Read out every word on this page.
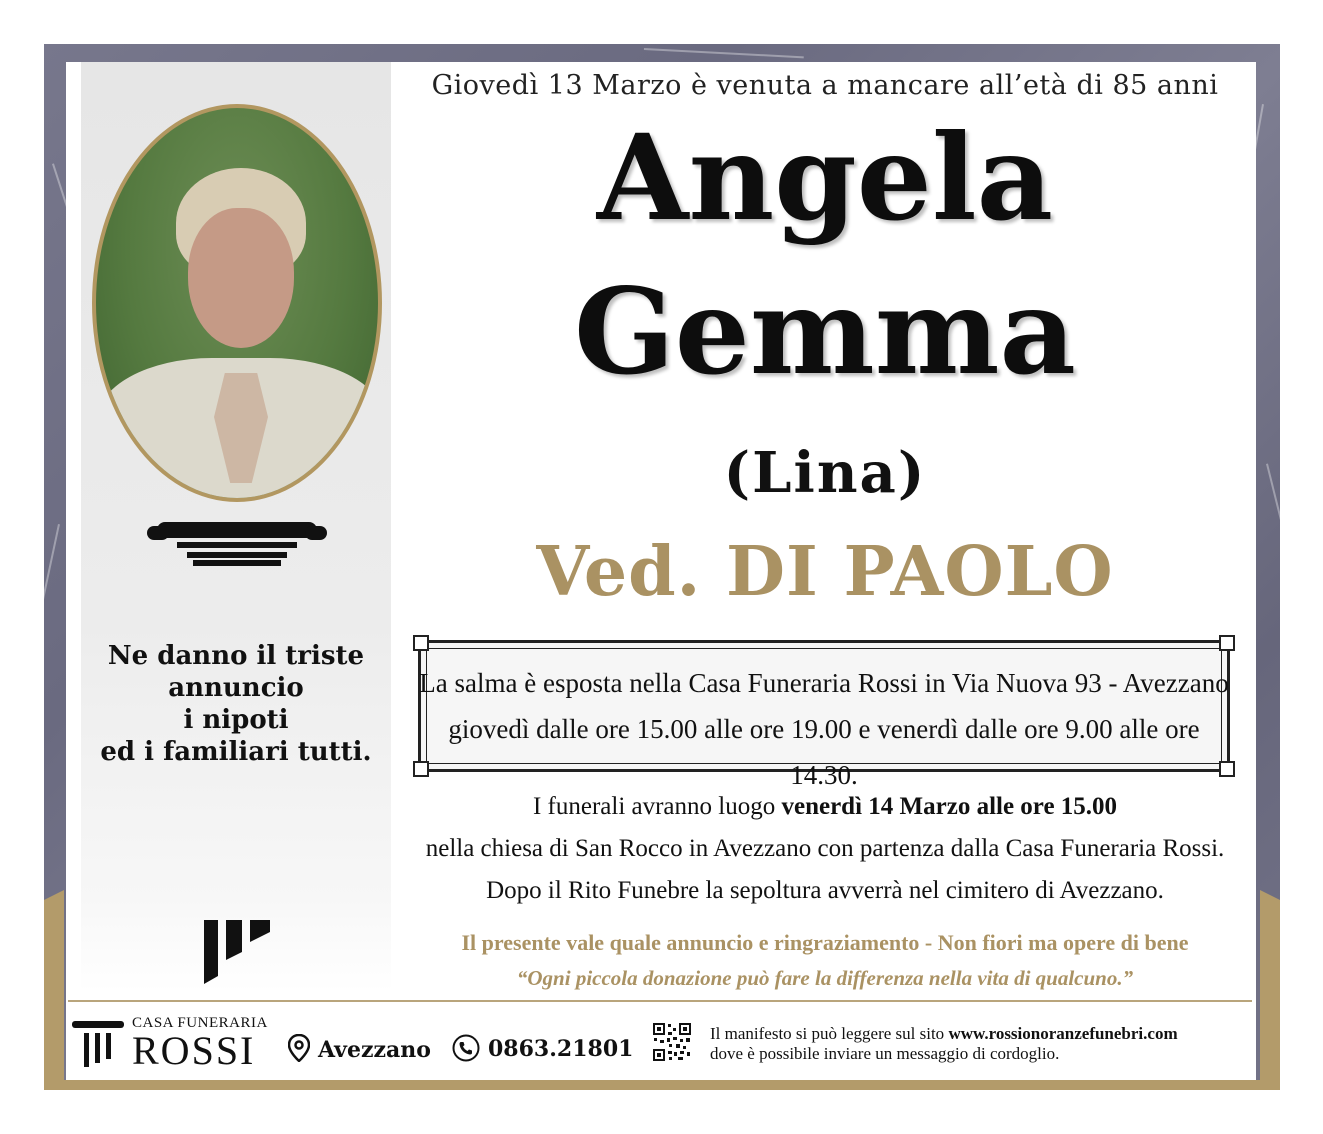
Ne danno il triste
annuncio
i nipoti
ed i familiari tutti.
Giovedì 13 Marzo è venuta a mancare all’età di 85 anni
Angela
Gemma
(Lina)
Ved. DI PAOLO
La salma è esposta nella Casa Funeraria Rossi in Via Nuova 93 - Avezzano
giovedì dalle ore 15.00 alle ore 19.00 e venerdì dalle ore 9.00 alle ore 14.30.
I funerali avranno luogo venerdì 14 Marzo alle ore 15.00
nella chiesa di San Rocco in Avezzano con partenza dalla Casa Funeraria Rossi.
Dopo il Rito Funebre la sepoltura avverrà nel cimitero di Avezzano.
Il presente vale quale annuncio e ringraziamento - Non fiori ma opere di bene
“Ogni piccola donazione può fare la differenza nella vita di qualcuno.”
CASA FUNERARIA
ROSSI	Avezzano	0863.21801
Il manifesto si può leggere sul sito www.rossionoranzefunebri.com
dove è possibile inviare un messaggio di cordoglio.
